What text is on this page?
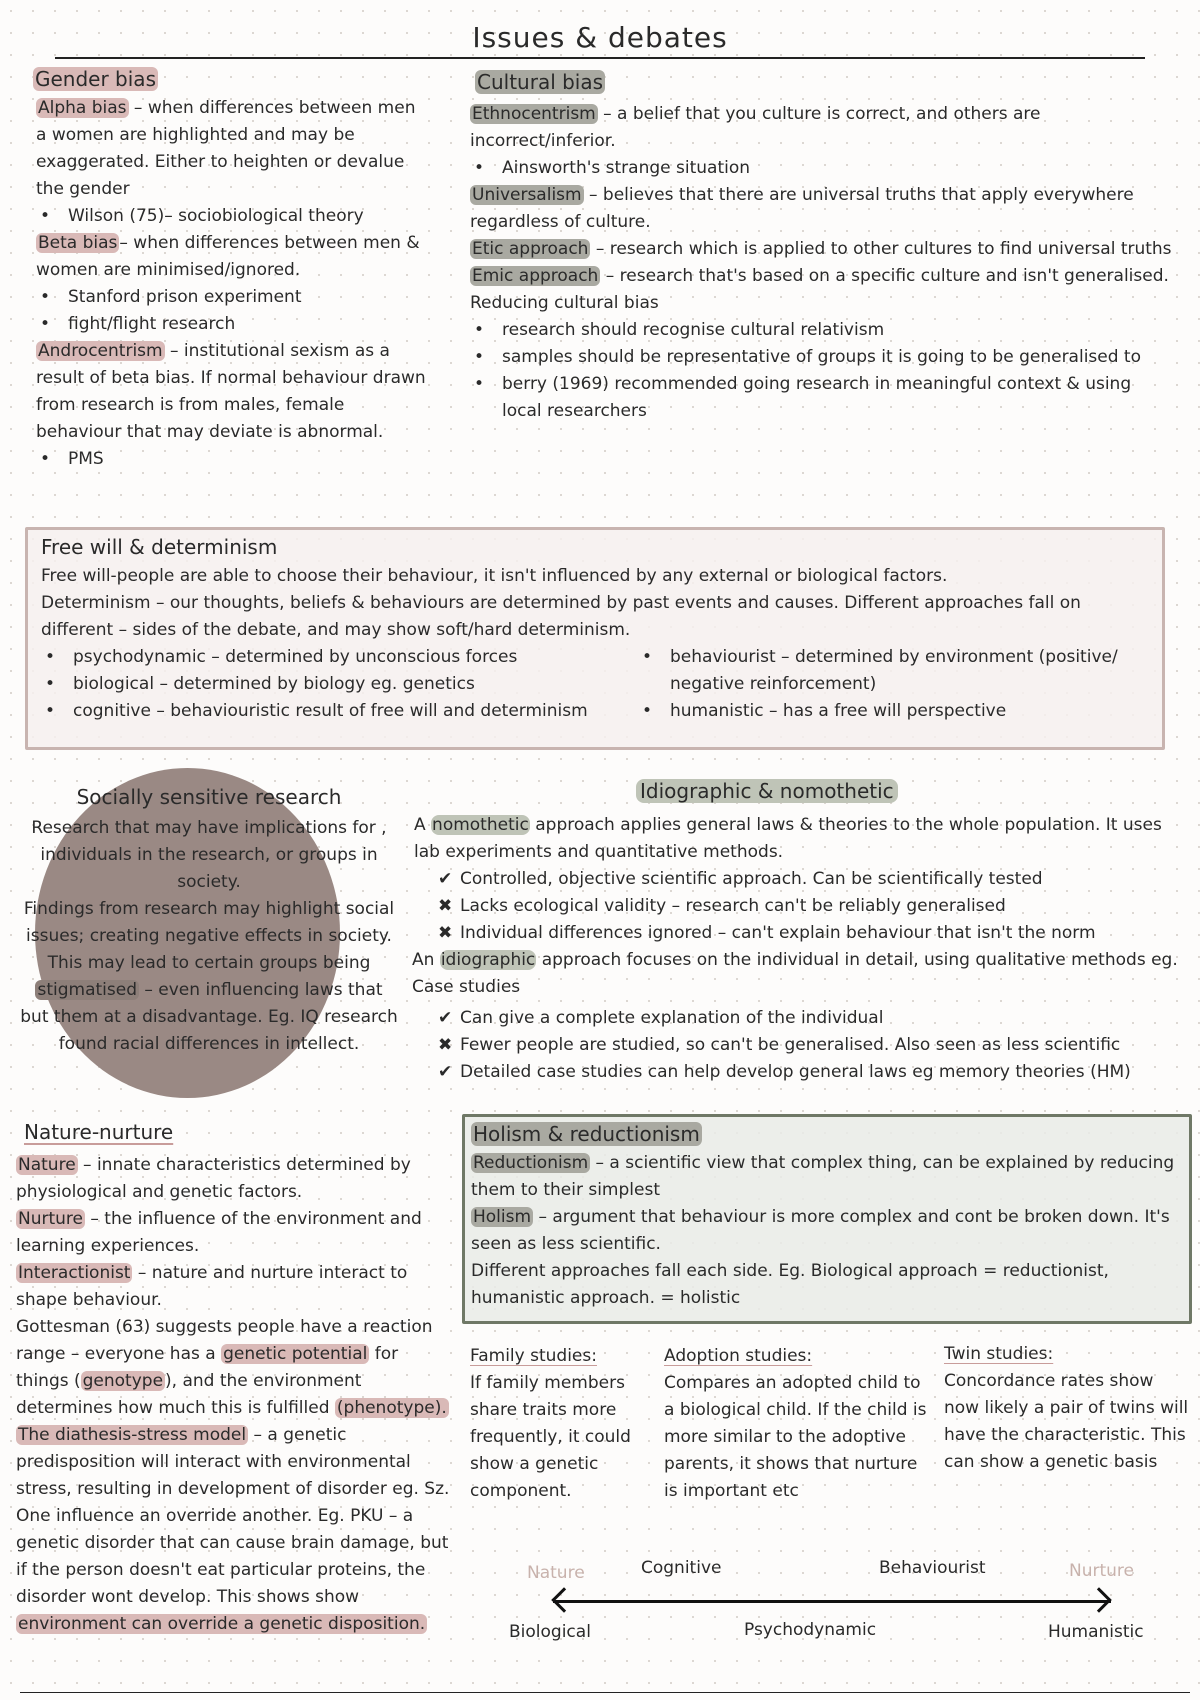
Issues & debates
Gender bias
Alpha bias – when differences between men a women are highlighted and may be exaggerated. Either to heighten or devalue the gender
• Wilson (75)– sociobiological theory
Beta bias – when differences between men & women are minimised/ignored.
• Stanford prison experiment
• fight/flight research
Androcentrism – institutional sexism as a result of beta bias. If normal behaviour drawn from research is from males, female behaviour that may deviate is abnormal.
• PMS
Cultural bias
Ethnocentrism – a belief that you culture is correct, and others are incorrect/inferior.
• Ainsworth's strange situation
Universalism – believes that there are universal truths that apply everywhere regardless of culture.
Etic approach – research which is applied to other cultures to find universal truths
Emic approach – research that's based on a specific culture and isn't generalised.
Reducing cultural bias
• research should recognise cultural relativism
• samples should be representative of groups it is going to be generalised to
• berry (1969) recommended going research in meaningful context & using local researchers
Free will & determinism
Free will-people are able to choose their behaviour, it isn't influenced by any external or biological factors.
Determinism – our thoughts, beliefs & behaviours are determined by past events and causes. Different approaches fall on different – sides of the debate, and may show soft/hard determinism.
• psychodynamic – determined by unconscious forces
• biological – determined by biology eg. genetics
• cognitive – behaviouristic result of free will and determinism
• behaviourist – determined by environment (positive/ negative reinforcement)
• humanistic – has a free will perspective
Socially sensitive research
Research that may have implications for , individuals in the research, or groups in society.
Findings from research may highlight social issues; creating negative effects in society. This may lead to certain groups being stigmatised – even influencing laws that but them at a disadvantage. Eg. IQ research found racial differences in intellect.
Idiographic & nomothetic
A nomothetic approach applies general laws & theories to the whole population. It uses lab experiments and quantitative methods.
✔ Controlled, objective scientific approach. Can be scientifically tested
✖ Lacks ecological validity – research can't be reliably generalised
✖ Individual differences ignored – can't explain behaviour that isn't the norm
An idiographic approach focuses on the individual in detail, using qualitative methods eg. Case studies
✔ Can give a complete explanation of the individual
✖ Fewer people are studied, so can't be generalised. Also seen as less scientific
✔ Detailed case studies can help develop general laws eg memory theories (HM)
Nature-nurture
Nature – innate characteristics determined by physiological and genetic factors.
Nurture – the influence of the environment and learning experiences.
Interactionist – nature and nurture interact to shape behaviour.
Gottesman (63) suggests people have a reaction range – everyone has a genetic potential for things ( genotype ), and the environment determines how much this is fulfilled (phenotype).
The diathesis-stress model – a genetic predisposition will interact with environmental stress, resulting in development of disorder eg. Sz.
One influence an override another. Eg. PKU – a genetic disorder that can cause brain damage, but if the person doesn't eat particular proteins, the disorder wont develop. This shows show environment can override a genetic disposition.
Holism & reductionism
Reductionism – a scientific view that complex thing, can be explained by reducing them to their simplest
Holism – argument that behaviour is more complex and cont be broken down. It's seen as less scientific.
Different approaches fall each side. Eg. Biological approach = reductionist, humanistic approach. = holistic
Family studies:
If family members share traits more frequently, it could show a genetic component.
Adoption studies:
Compares an adopted child to a biological child. If the child is more similar to the adoptive parents, it shows that nurture is important etc
Twin studies:
Concordance rates show now likely a pair of twins will have the characteristic. This can show a genetic basis
Nature	Nurture
Cognitive	Behaviourist
Biological	Psychodynamic	Humanistic
